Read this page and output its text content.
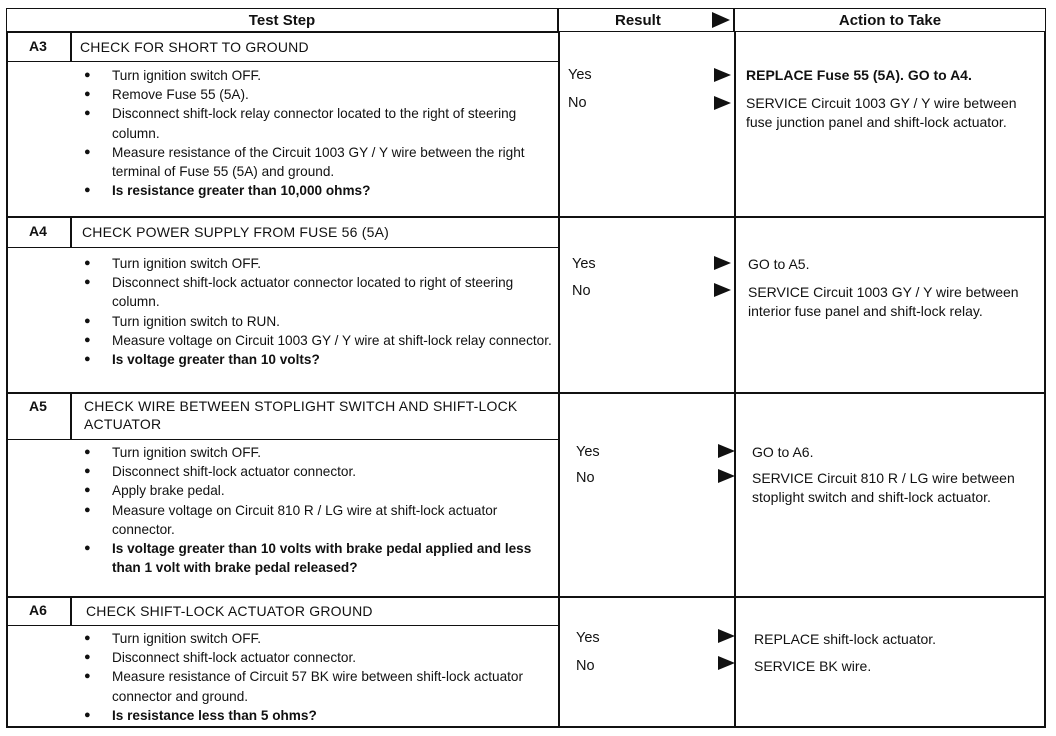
Test Step	Result	Action to Take
A3	CHECK FOR SHORT TO GROUND
● Turn ignition switch OFF.
● Remove Fuse 55 (5A).
● Disconnect shift-lock relay connector located to the right of steering column.
● Measure resistance of the Circuit 1003 GY / Y wire between the right terminal of Fuse 55 (5A) and ground.
● Is resistance greater than 10,000 ohms?
Yes	REPLACE Fuse 55 (5A). GO to A4.
No	SERVICE Circuit 1003 GY / Y wire between fuse junction panel and shift-lock actuator.
A4	CHECK POWER SUPPLY FROM FUSE 56 (5A)
● Turn ignition switch OFF.
● Disconnect shift-lock actuator connector located to right of steering column.
● Turn ignition switch to RUN.
● Measure voltage on Circuit 1003 GY / Y wire at shift-lock relay connector.
● Is voltage greater than 10 volts?
Yes	GO to A5.
No	SERVICE Circuit 1003 GY / Y wire between interior fuse panel and shift-lock relay.
A5	CHECK WIRE BETWEEN STOPLIGHT SWITCH AND SHIFT-LOCK ACTUATOR
● Turn ignition switch OFF.
● Disconnect shift-lock actuator connector.
● Apply brake pedal.
● Measure voltage on Circuit 810 R / LG wire at shift-lock actuator connector.
● Is voltage greater than 10 volts with brake pedal applied and less than 1 volt with brake pedal released?
Yes	GO to A6.
No	SERVICE Circuit 810 R / LG wire between stoplight switch and shift-lock actuator.
A6	CHECK SHIFT-LOCK ACTUATOR GROUND
● Turn ignition switch OFF.
● Disconnect shift-lock actuator connector.
● Measure resistance of Circuit 57 BK wire between shift-lock actuator connector and ground.
● Is resistance less than 5 ohms?
Yes	REPLACE shift-lock actuator.
No	SERVICE BK wire.
